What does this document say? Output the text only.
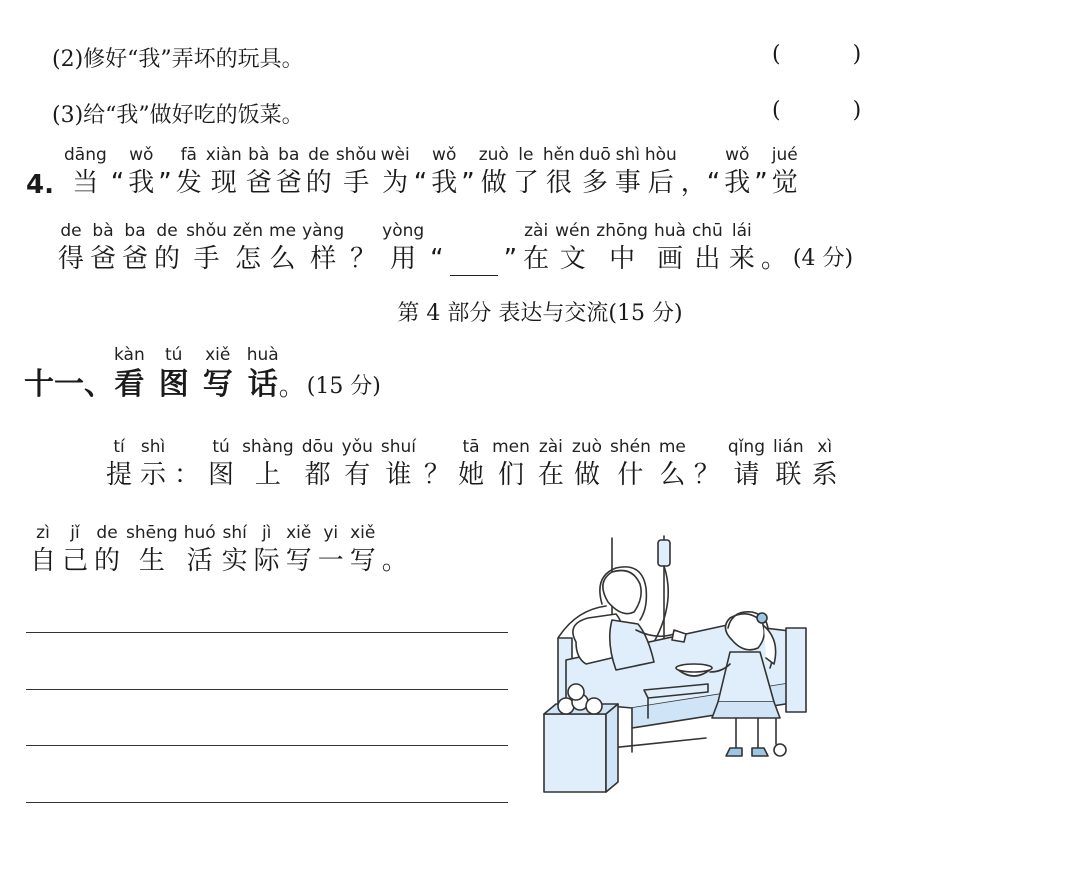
(2)修好“我”弄坏的玩具。	(	)
(3)给“我”做好吃的饭菜。	(	)
4.
dāng
当 “
wǒ
我 ”
fā
发
xiàn
现
bà
爸
ba
爸
de
的
shǒu
手
wèi
为 “
wǒ
我 ”
zuò
做
le
了
hěn
很
duō
多
shì
事
hòu
后 ，“
wǒ
我 ”
jué
觉
de
得
bà
爸
ba
爸
de
的
shǒu
手
zěn
怎
me
么
yàng
样 ？
yòng
用 “ ”
zài
在
wén
文
zhōng
中
huà
画
chū
出
lái
来 。 (4 分)
第 4 部分 表达与交流(15 分)
十一、
kàn
看
tú
图
xiě
写
huà
话 。 (15 分)
tí
提
shì
示 ：
tú
图
shàng
上
dōu
都
yǒu
有
shuí
谁 ？
tā
她
men
们
zài
在
zuò
做
shén
什
me
么 ？
qǐng
请
lián
联
xì
系
zì
自
jǐ
己
de
的
shēng
生
huó
活
shí
实
jì
际
xiě
写
yi
一
xiě
写 。
